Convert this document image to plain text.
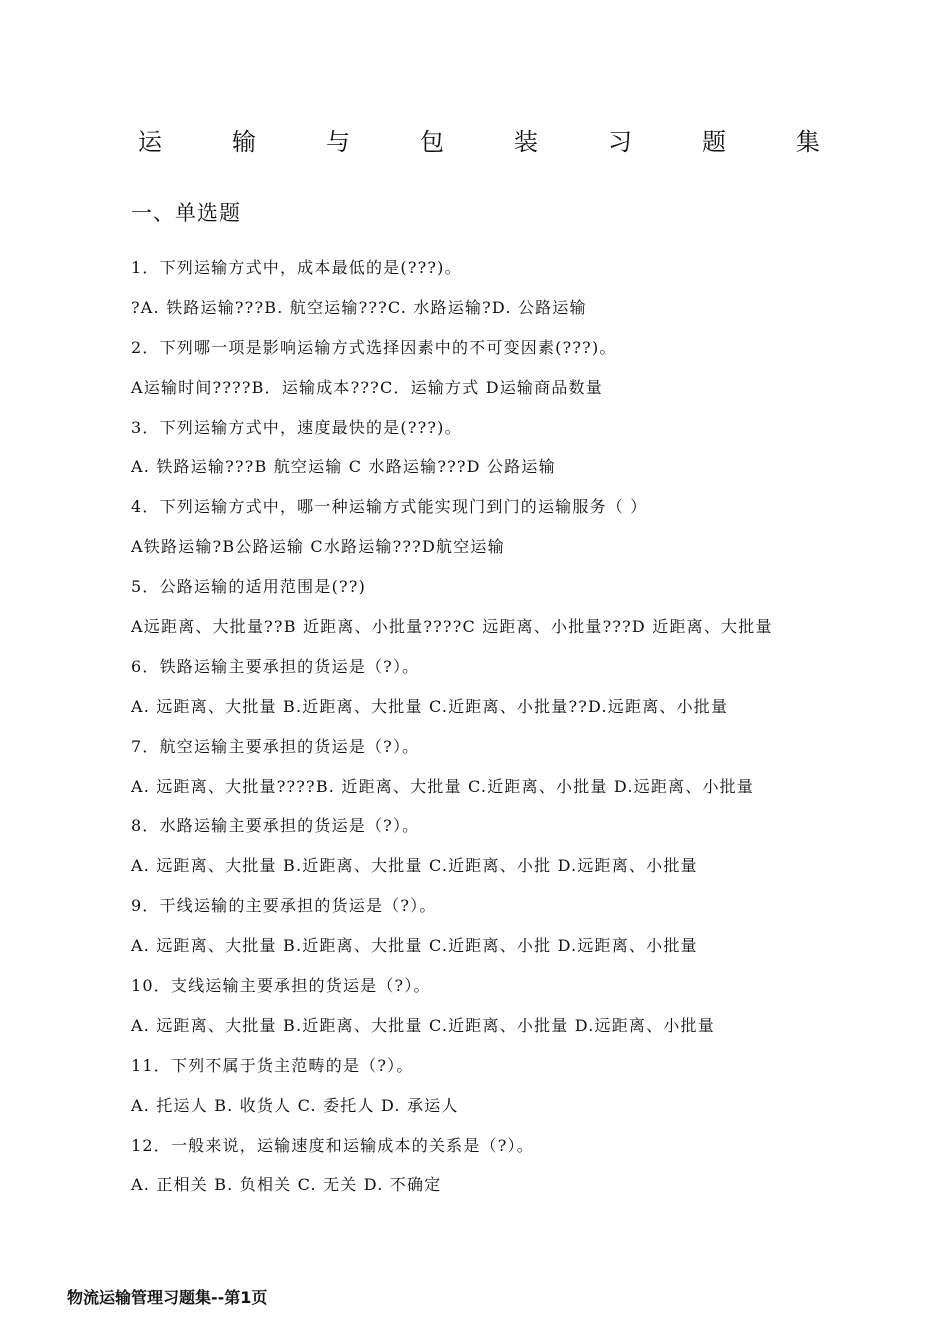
运	输	与	包	装	习	题	集
一、单选题
1．下列运输方式中，成本最低的是(???)。
?A. 铁路运输???B. 航空运输???C. 水路运输?D. 公路运输
2．下列哪一项是影响运输方式选择因素中的不可变因素(???)。
A运输时间????B．运输成本???C．运输方式 D运输商品数量
3．下列运输方式中，速度最快的是(???)。
A. 铁路运输???B 航空运输 C 水路运输???D 公路运输
4．下列运输方式中，哪一种运输方式能实现门到门的运输服务（ ）
A铁路运输?B公路运输 C水路运输???D航空运输
5．公路运输的适用范围是(??)
A远距离、大批量??B 近距离、小批量????C 远距离、小批量???D 近距离、大批量
6．铁路运输主要承担的货运是（?）。
A. 远距离、大批量 B.近距离、大批量 C.近距离、小批量??D.远距离、小批量
7．航空运输主要承担的货运是（?）。
A. 远距离、大批量????B. 近距离、大批量 C.近距离、小批量 D.远距离、小批量
8．水路运输主要承担的货运是（?）。
A. 远距离、大批量 B.近距离、大批量 C.近距离、小批 D.远距离、小批量
9．干线运输的主要承担的货运是（?）。
A. 远距离、大批量 B.近距离、大批量 C.近距离、小批 D.远距离、小批量
10．支线运输主要承担的货运是（?）。
A. 远距离、大批量 B.近距离、大批量 C.近距离、小批量 D.远距离、小批量
11．下列不属于货主范畴的是（?）。
A. 托运人 B. 收货人 C. 委托人 D. 承运人
12．一般来说，运输速度和运输成本的关系是（?）。
A. 正相关 B. 负相关 C. 无关 D. 不确定
物流运输管理习题集--第1页
